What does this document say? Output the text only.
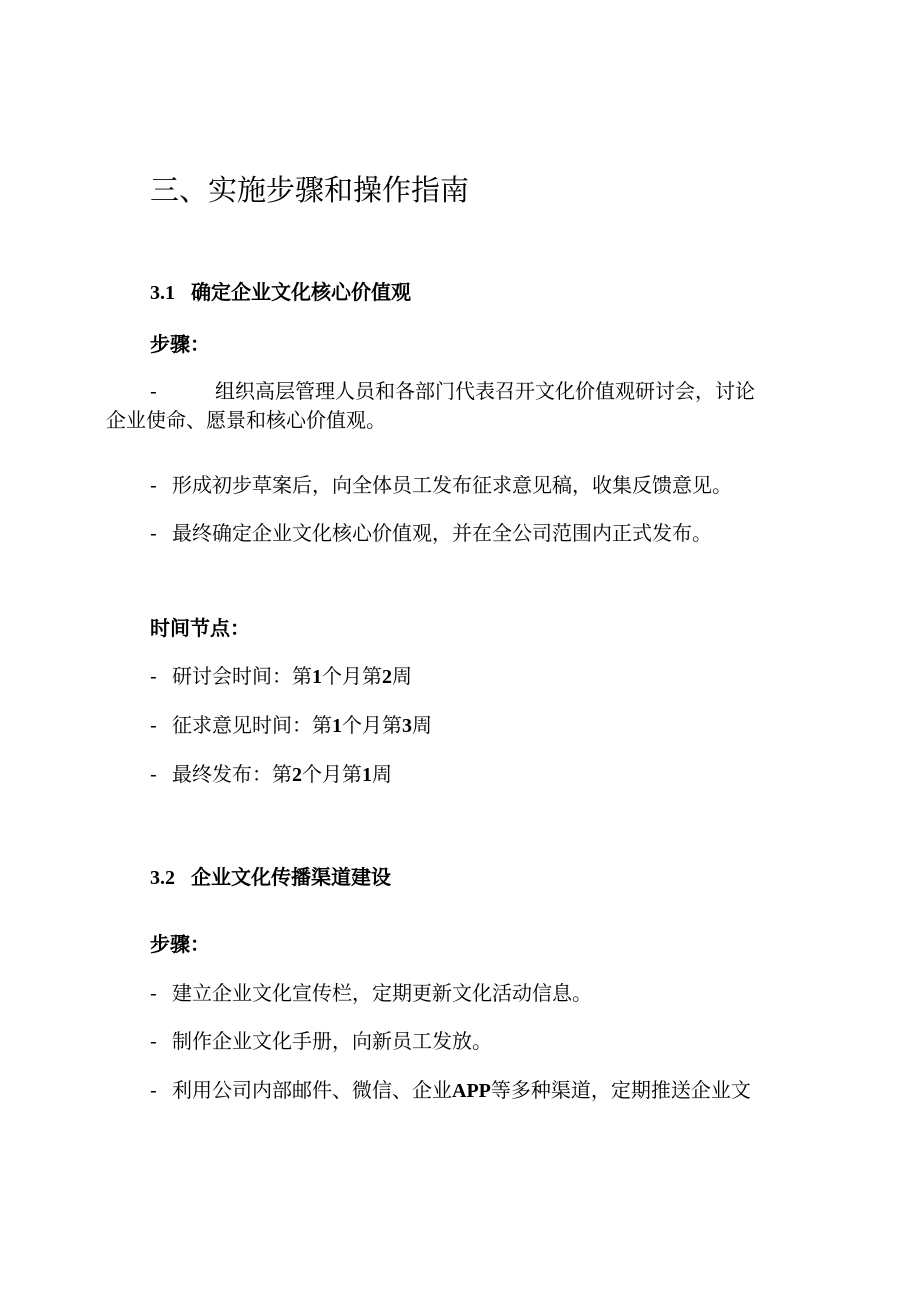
三、实施步骤和操作指南
3.1 确定企业文化核心价值观

步骤：

-	组织高层管理人员和各部门代表召开文化价值观研讨会，讨论

企业使命、愿景和核心价值观。

- 形成初步草案后，向全体员工发布征求意见稿，收集反馈意见。

- 最终确定企业文化核心价值观，并在全公司范围内正式发布。

时间节点：

- 研讨会时间：第1个月第2周

- 征求意见时间：第1个月第3周

- 最终发布：第2个月第1周

3.2 企业文化传播渠道建设

步骤：

- 建立企业文化宣传栏，定期更新文化活动信息。

- 制作企业文化手册，向新员工发放。

- 利用公司内部邮件、微信、企业APP等多种渠道，定期推送企业文
